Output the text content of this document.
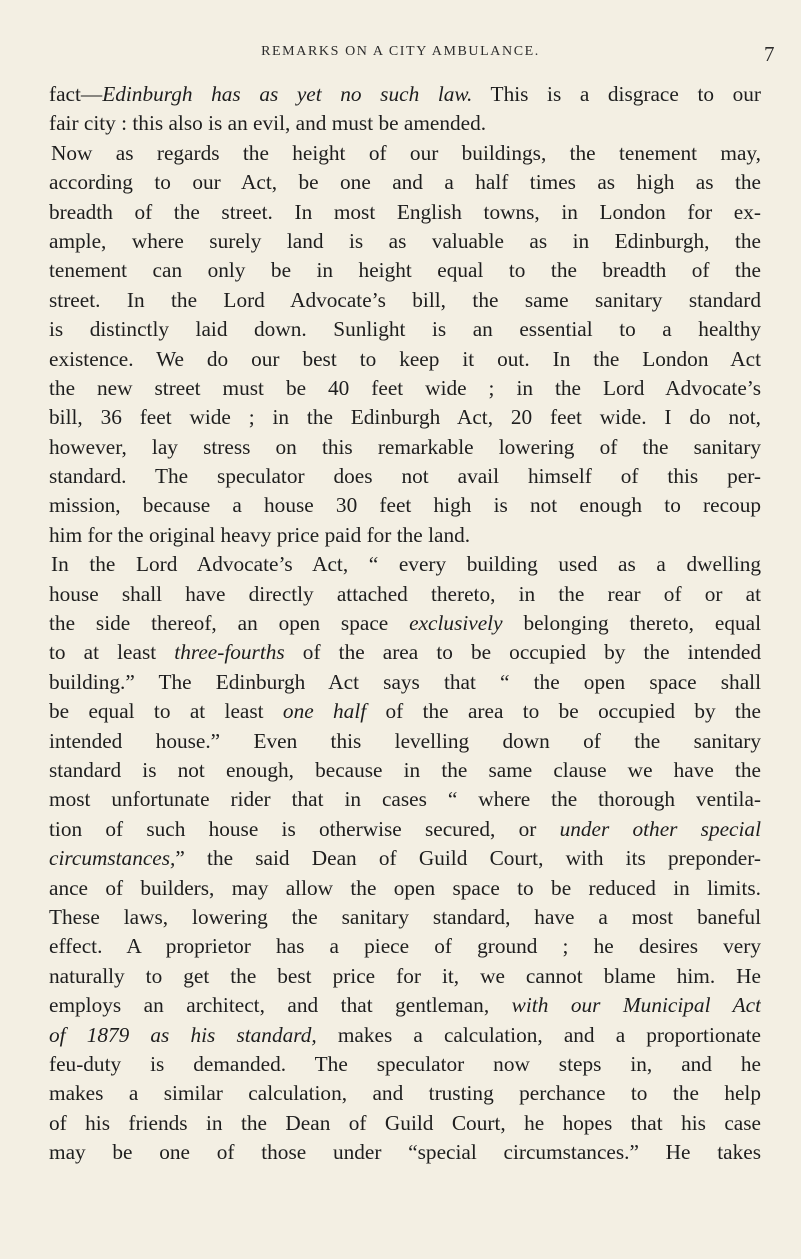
REMARKS ON A CITY AMBULANCE.	7
fact—Edinburgh has as yet no such law. This is a disgrace to our
fair city : this also is an evil, and must be amended.
Now as regards the height of our buildings, the tenement may,
according to our Act, be one and a half times as high as the
breadth of the street. In most English towns, in London for ex-
ample, where surely land is as valuable as in Edinburgh, the
tenement can only be in height equal to the breadth of the
street. In the Lord Advocate’s bill, the same sanitary standard
is distinctly laid down. Sunlight is an essential to a healthy
existence. We do our best to keep it out. In the London Act
the new street must be 40 feet wide ; in the Lord Advocate’s
bill, 36 feet wide ; in the Edinburgh Act, 20 feet wide. I do not,
however, lay stress on this remarkable lowering of the sanitary
standard. The speculator does not avail himself of this per-
mission, because a house 30 feet high is not enough to recoup
him for the original heavy price paid for the land.
In the Lord Advocate’s Act, “ every building used as a dwelling
house shall have directly attached thereto, in the rear of or at
the side thereof, an open space exclusively belonging thereto, equal
to at least three-fourths of the area to be occupied by the intended
building.” The Edinburgh Act says that “ the open space shall
be equal to at least one half of the area to be occupied by the
intended house.” Even this levelling down of the sanitary
standard is not enough, because in the same clause we have the
most unfortunate rider that in cases “ where the thorough ventila-
tion of such house is otherwise secured, or under other special
circumstances,” the said Dean of Guild Court, with its preponder-
ance of builders, may allow the open space to be reduced in limits.
These laws, lowering the sanitary standard, have a most baneful
effect. A proprietor has a piece of ground ; he desires very
naturally to get the best price for it, we cannot blame him. He
employs an architect, and that gentleman, with our Municipal Act
of 1879 as his standard, makes a calculation, and a proportionate
feu-duty is demanded. The speculator now steps in, and he
makes a similar calculation, and trusting perchance to the help
of his friends in the Dean of Guild Court, he hopes that his case
may be one of those under “special circumstances.” He takes
